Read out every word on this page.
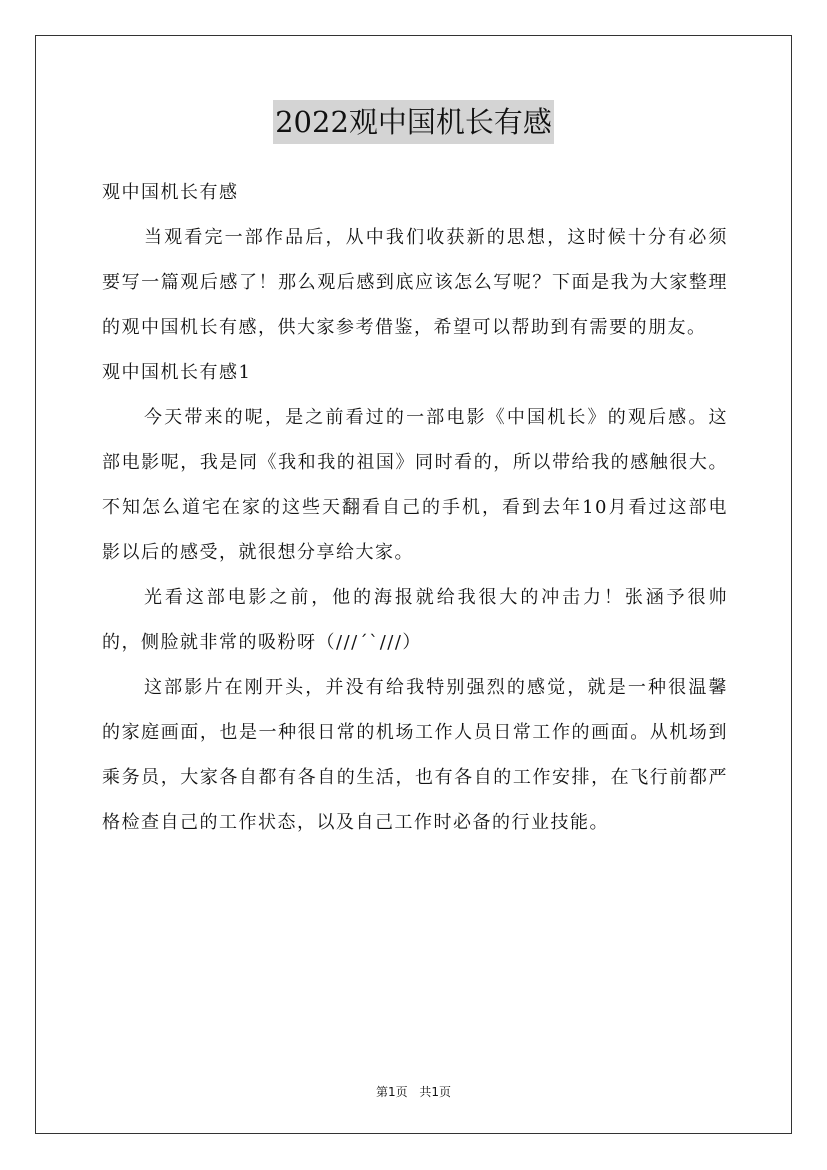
2022观中国机长有感

观中国机长有感

当观看完一部作品后，从中我们收获新的思想，这时候十分有必须要写一篇观后感了！那么观后感到底应该怎么写呢？下面是我为大家整理的观中国机长有感，供大家参考借鉴，希望可以帮助到有需要的朋友。

观中国机长有感1

今天带来的呢，是之前看过的一部电影《中国机长》的观后感。这部电影呢，我是同《我和我的祖国》同时看的，所以带给我的感触很大。不知怎么道宅在家的这些天翻看自己的手机，看到去年10月看过这部电影以后的感受，就很想分享给大家。

光看这部电影之前，他的海报就给我很大的冲击力！张涵予很帅的，侧脸就非常的吸粉呀（///´`///）

这部影片在刚开头，并没有给我特别强烈的感觉，就是一种很温馨的家庭画面，也是一种很日常的机场工作人员日常工作的画面。从机场到乘务员，大家各自都有各自的生活，也有各自的工作安排，在飞行前都严格检查自己的工作状态，以及自己工作时必备的行业技能。

第1页 共1页
